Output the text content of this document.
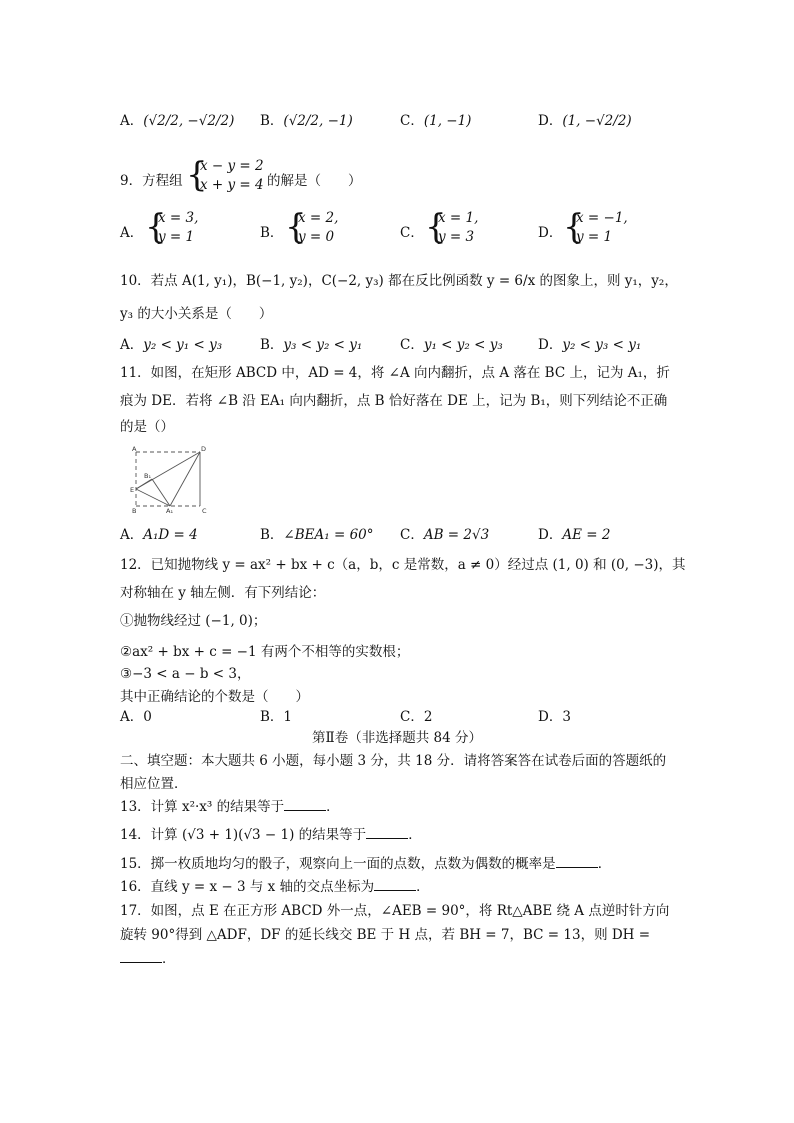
A．(√2/2, −√2/2) B．(√2/2, −1)	C．(1, −1)	D．(1, −√2/2)
9．方程组 {
x − y = 2
x + y = 4 的解是（　　）
A． {
x = 3,
y = 1	B． {
x = 2,
y = 0	C． {
x = 1,
y = 3	D． {
x = −1,
y = 1
10．若点 A(1, y₁)，B(−1, y₂)，C(−2, y₃) 都在反比例函数 y = 6/x 的图象上，则 y₁，y₂，
y₃ 的大小关系是（　　）
A．y₂ < y₁ < y₃	B．y₃ < y₂ < y₁	C．y₁ < y₂ < y₃	D．y₂ < y₃ < y₁
11．如图，在矩形 ABCD 中，AD = 4，将 ∠A 向内翻折，点 A 落在 BC 上，记为 A₁，折
痕为 DE．若将 ∠B 沿 EA₁ 向内翻折，点 B 恰好落在 DE 上，记为 B₁，则下列结论不正确
的是（）
A	D
B₁
E
A₁	C
B
A．A₁D = 4	B．∠BEA₁ = 60° C．AB = 2√3	D．AE = 2
12．已知抛物线 y = ax² + bx + c（a，b，c 是常数，a ≠ 0）经过点 (1, 0) 和 (0, −3)，其
对称轴在 y 轴左侧．有下列结论：
①抛物线经过 (−1, 0)；
②ax² + bx + c = −1 有两个不相等的实数根；
③−3 < a − b < 3，
其中正确结论的个数是（　　）
A．0	B．1	C．2	D．3
第Ⅱ卷（非选择题共 84 分）
二、填空题：本大题共 6 小题，每小题 3 分，共 18 分．请将答案答在试卷后面的答题纸的
相应位置．
13．计算 x²·x³ 的结果等于	．
14．计算 (√3 + 1)(√3 − 1) 的结果等于	．
15．掷一枚质地均匀的骰子，观察向上一面的点数，点数为偶数的概率是	．
16．直线 y = x − 3 与 x 轴的交点坐标为	．
17．如图，点 E 在正方形 ABCD 外一点，∠AEB = 90°，将 Rt△ABE 绕 A 点逆时针方向
旋转 90°得到 △ADF，DF 的延长线交 BE 于 H 点，若 BH = 7，BC = 13，则 DH =
．
